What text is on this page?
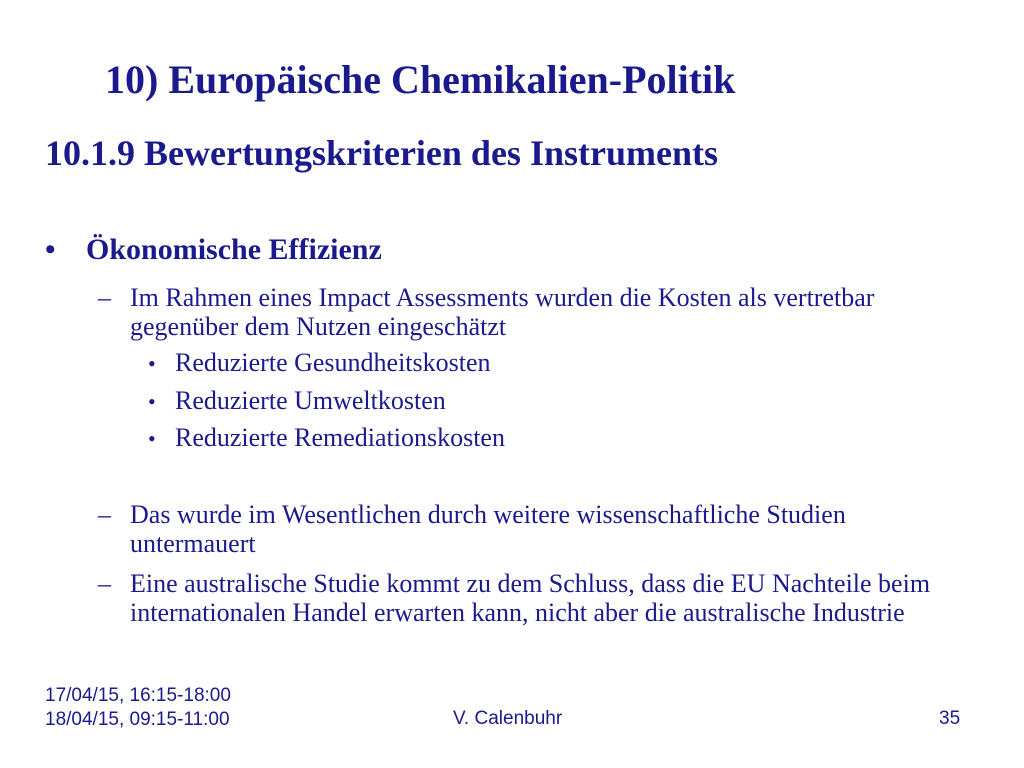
10) Europäische Chemikalien-Politik
10.1.9 Bewertungskriterien des Instruments
• Ökonomische Effizienz
– Im Rahmen eines Impact Assessments wurden die Kosten als vertretbar gegenüber dem Nutzen eingeschätzt
• Reduzierte Gesundheitskosten
• Reduzierte Umweltkosten
• Reduzierte Remediationskosten
– Das wurde im Wesentlichen durch weitere wissenschaftliche Studien untermauert
– Eine australische Studie kommt zu dem Schluss, dass die EU Nachteile beim internationalen Handel erwarten kann, nicht aber die australische Industrie
17/04/15, 16:15-18:00
18/04/15, 09:15-11:00	V. Calenbuhr	35
